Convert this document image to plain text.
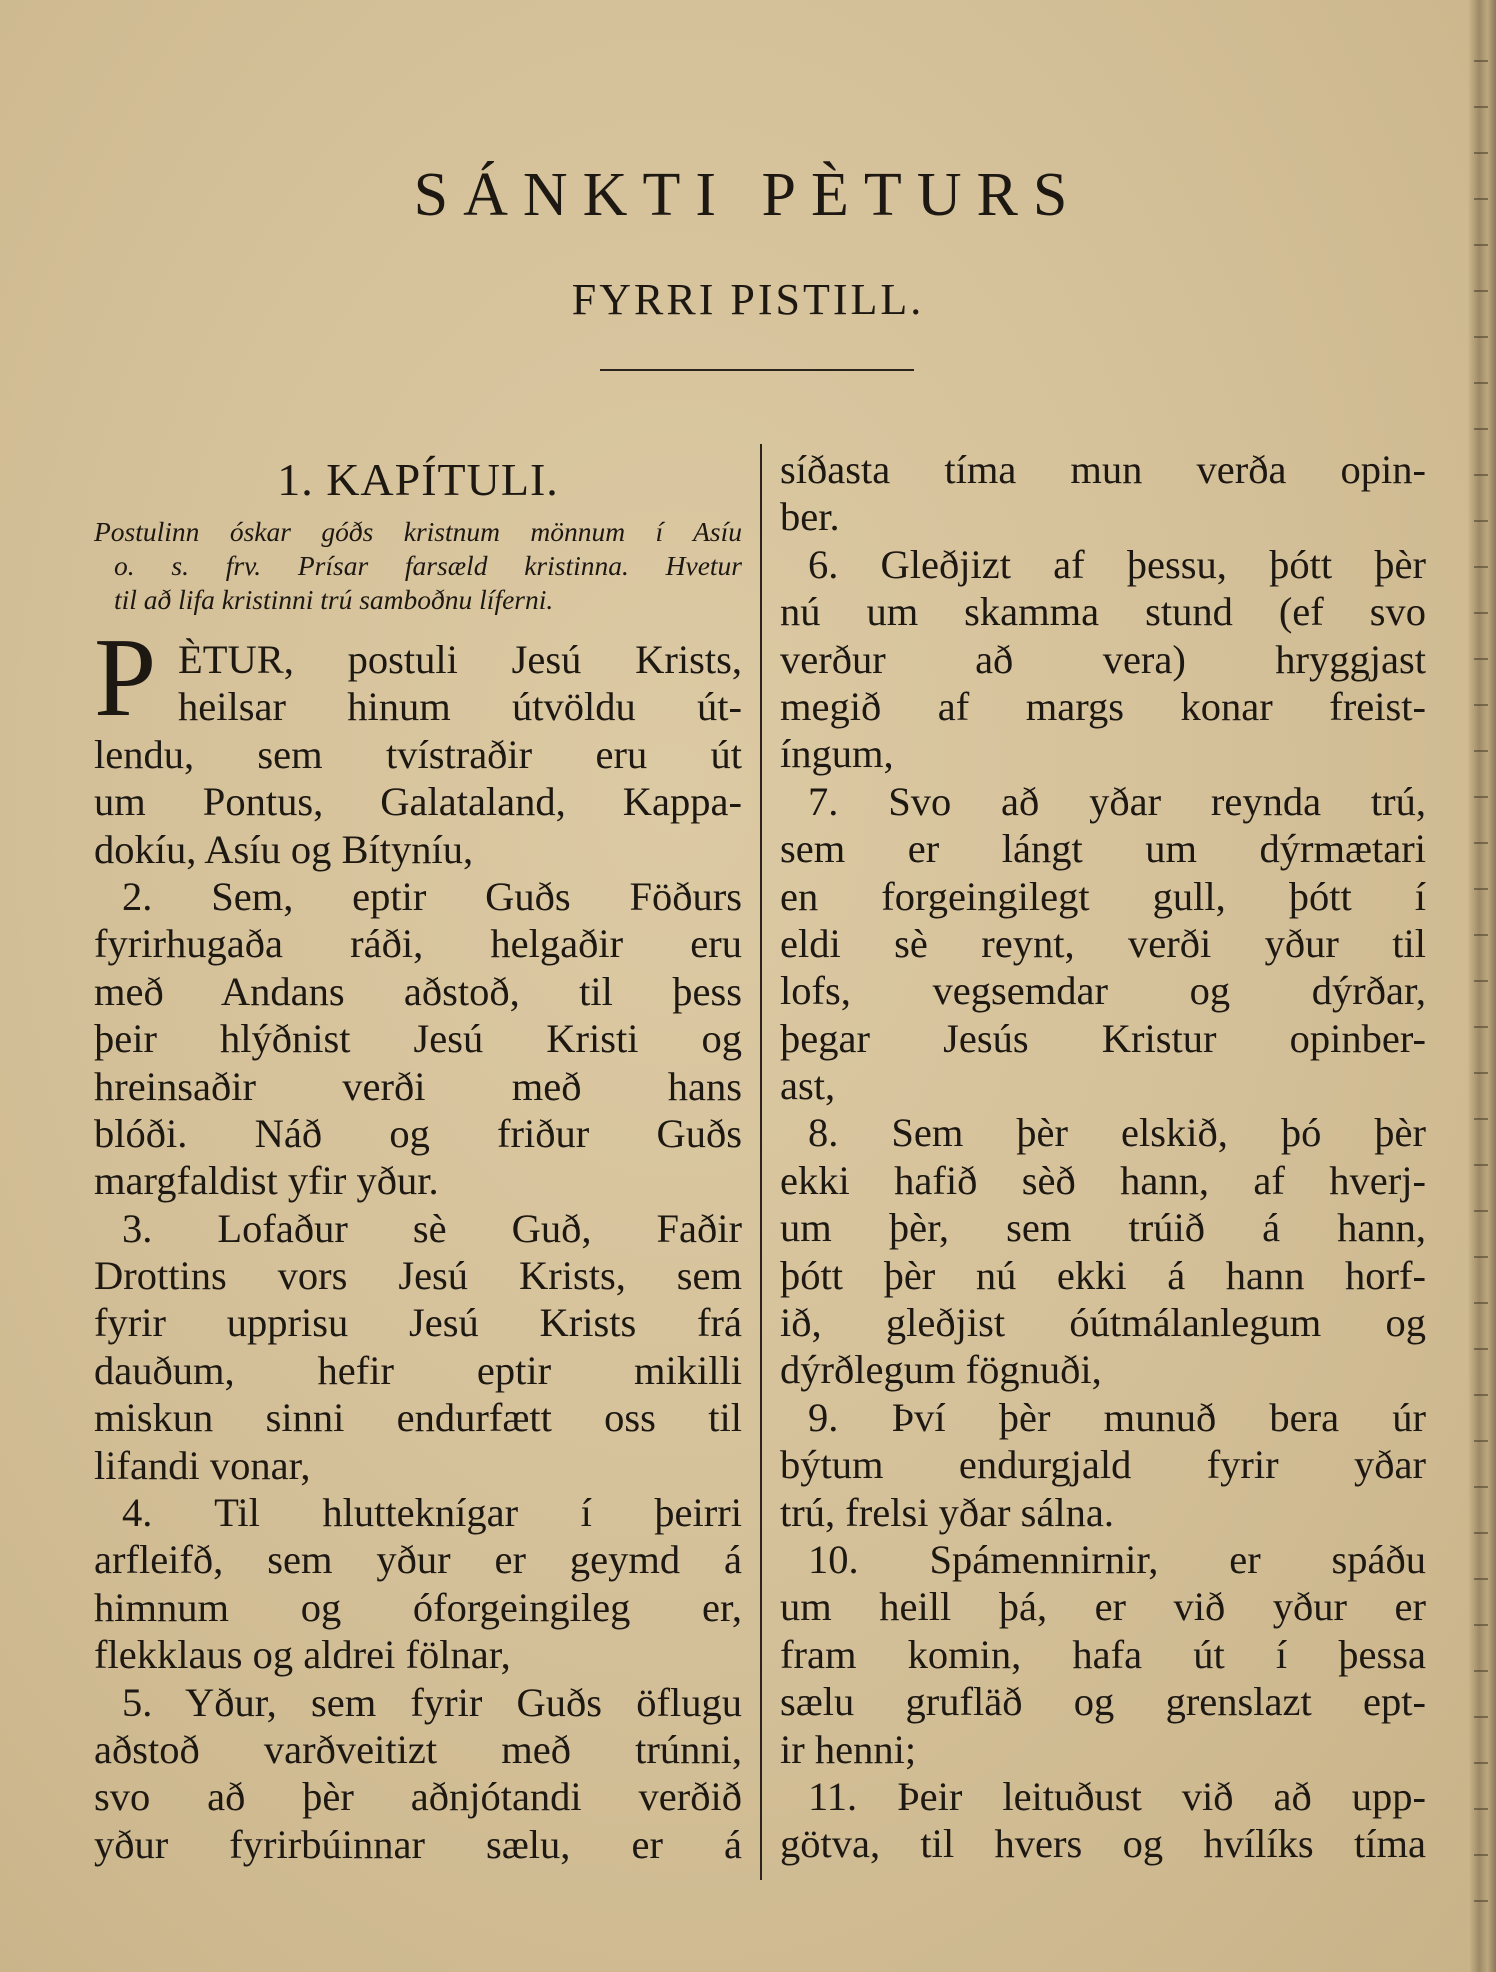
SÁNKTI PÈTURS
FYRRI PISTILL.
1. KAPÍTULI.
Postulinn óskar góðs kristnum mönnum í Asíu
o. s. frv. Prísar farsæld kristinna. Hvetur
til að lifa kristinni trú samboðnu líferni.
P ÈTUR, postuli Jesú Krists,
heilsar hinum útvöldu út-
lendu, sem tvístraðir eru út
um Pontus, Galataland, Kappa-
dokíu, Asíu og Bítyníu,
2. Sem, eptir Guðs Föðurs
fyrirhugaða ráði, helgaðir eru
með Andans aðstoð, til þess
þeir hlýðnist Jesú Kristi og
hreinsaðir verði með hans
blóði. Náð og friður Guðs
margfaldist yfir yður.
3. Lofaður sè Guð, Faðir
Drottins vors Jesú Krists, sem
fyrir upprisu Jesú Krists frá
dauðum, hefir eptir mikilli
miskun sinni endurfætt oss til
lifandi vonar,
4. Til hlutteknígar í þeirri
arfleifð, sem yður er geymd á
himnum og óforgeingileg er,
flekklaus og aldrei fölnar,
5. Yður, sem fyrir Guðs öflugu
aðstoð varðveitizt með trúnni,
svo að þèr aðnjótandi verðið
yður fyrirbúinnar sælu, er á
síðasta tíma mun verða opin-
ber.
6. Gleðjizt af þessu, þótt þèr
nú um skamma stund (ef svo
verður að vera) hryggjast
megið af margs konar freist-
íngum,
7. Svo að yðar reynda trú,
sem er lángt um dýrmætari
en forgeingilegt gull, þótt í
eldi sè reynt, verði yður til
lofs, vegsemdar og dýrðar,
þegar Jesús Kristur opinber-
ast,
8. Sem þèr elskið, þó þèr
ekki hafið sèð hann, af hverj-
um þèr, sem trúið á hann,
þótt þèr nú ekki á hann horf-
ið, gleðjist óútmálanlegum og
dýrðlegum fögnuði,
9. Því þèr munuð bera úr
býtum endurgjald fyrir yðar
trú, frelsi yðar sálna.
10. Spámennirnir, er spáðu
um heill þá, er við yður er
fram komin, hafa út í þessa
sælu grufläð og grenslazt ept-
ir henni;
11. Þeir leituðust við að upp-
götva, til hvers og hvílíks tíma
